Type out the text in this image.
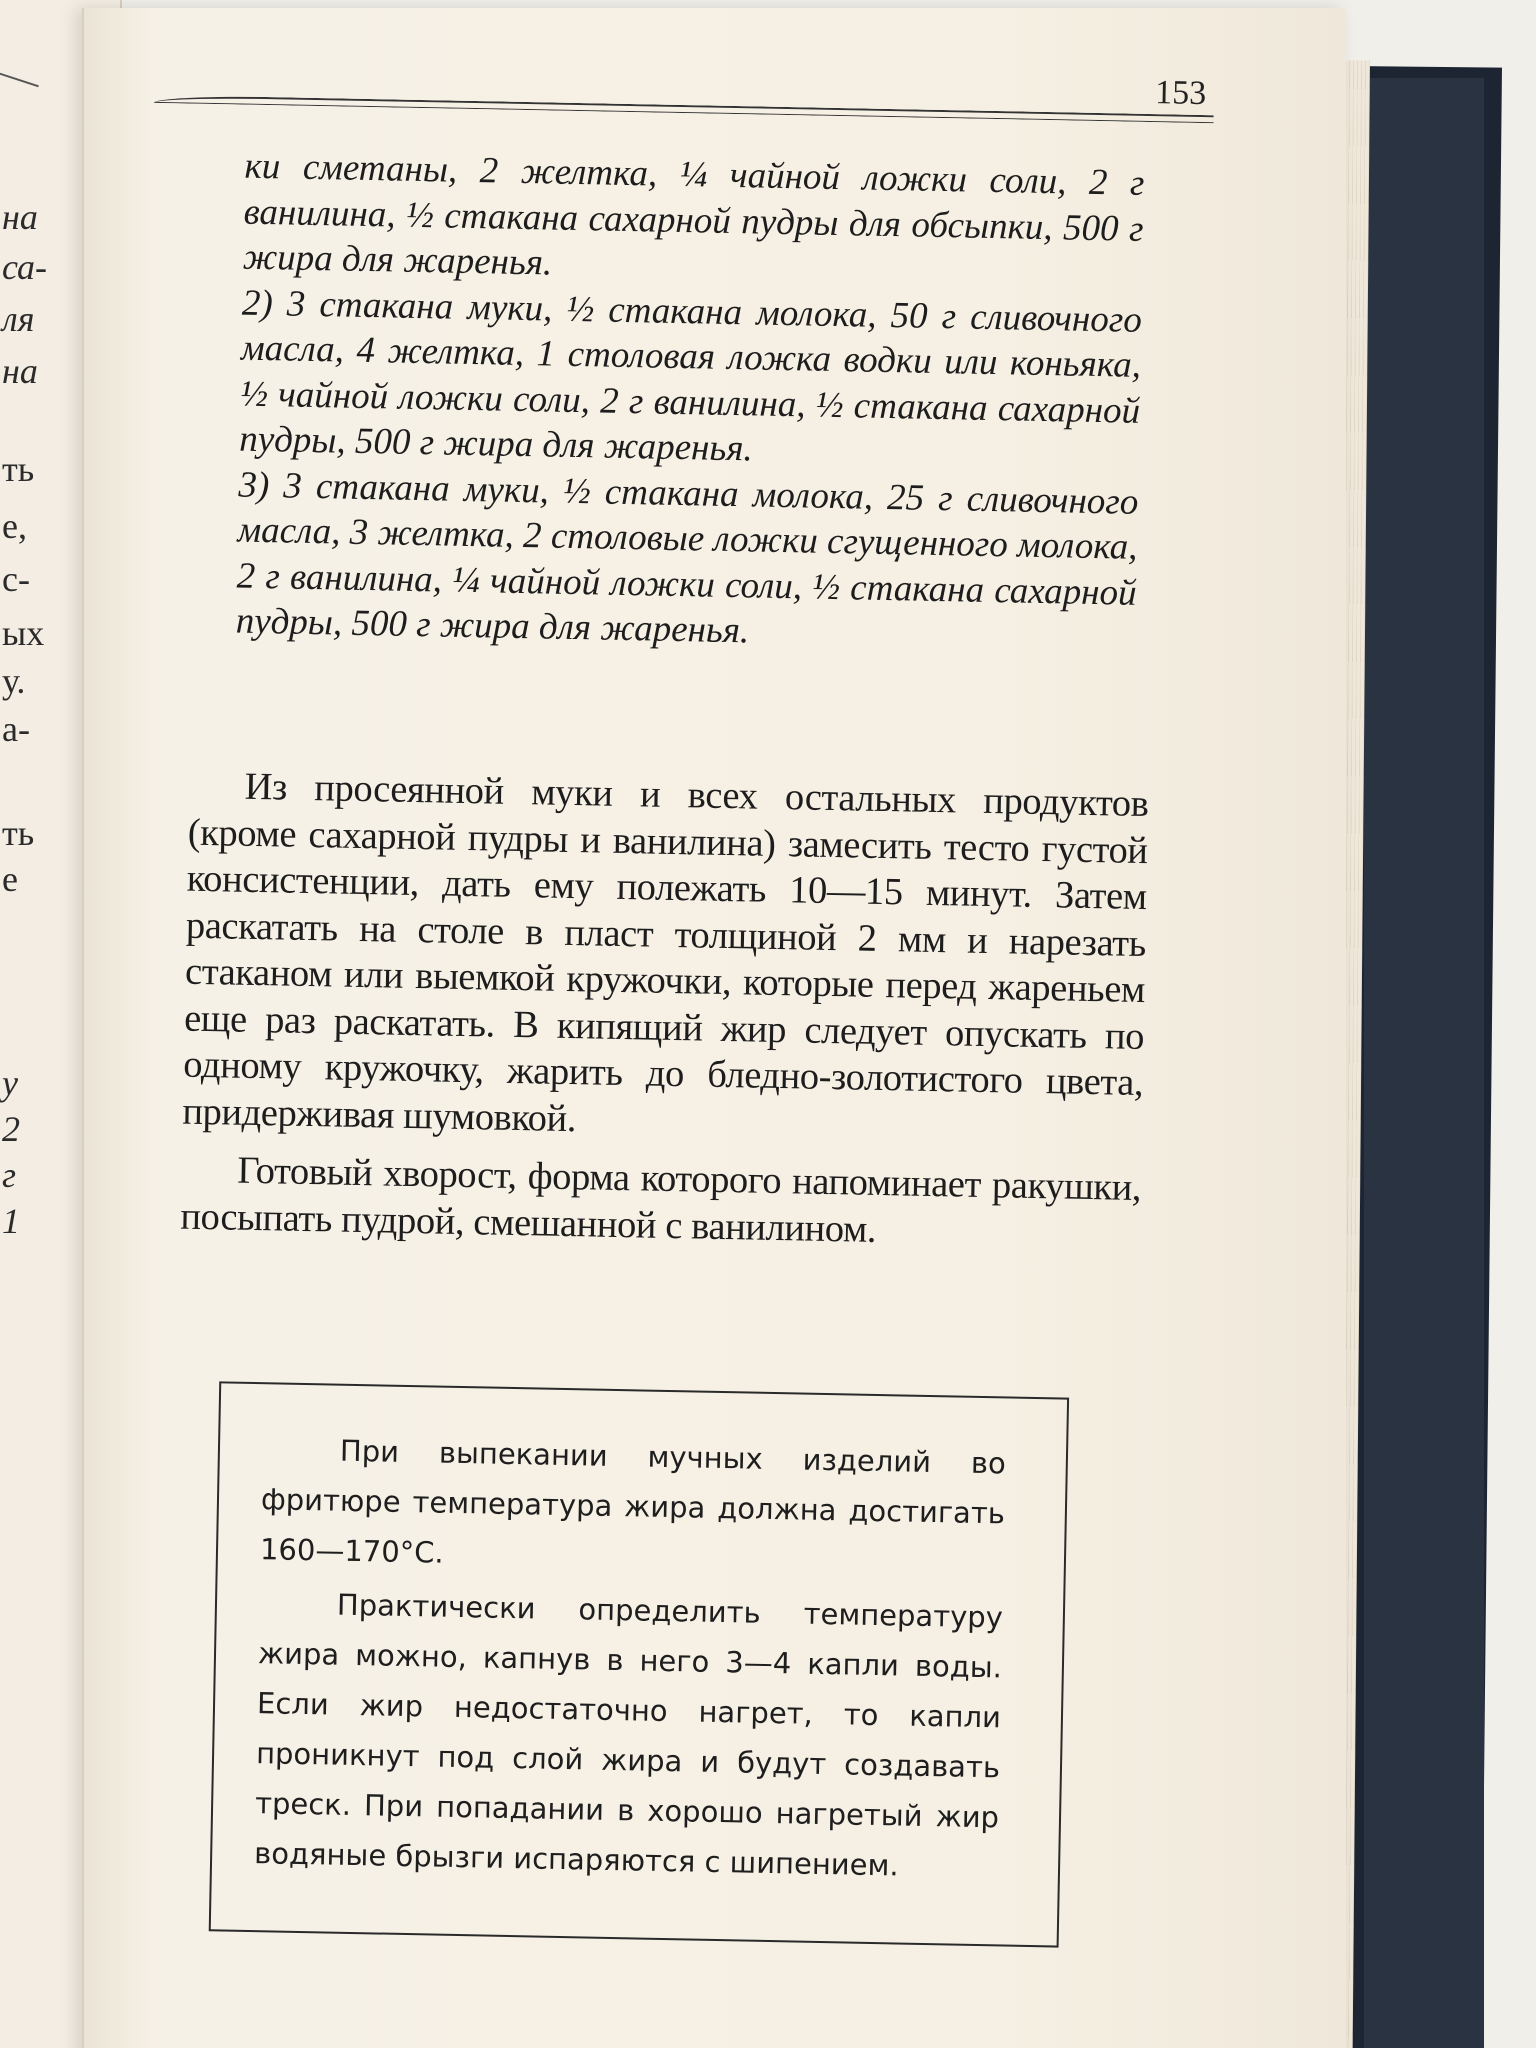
на
са-
ля
на
ть
е,
с-
ых
у.
а-
ть
е
у
2
г
1
153

ки сметаны, 2 желтка, ¼ чайной ложки соли, 2 г ванилина, ½ стакана сахарной пудры для обсыпки, 500 г жира для жаренья.

2) 3 стакана муки, ½ стакана молока, 50 г сливочного масла, 4 желтка, 1 столовая ложка водки или коньяка, ½ чайной ложки соли, 2 г ванилина, ½ стакана сахарной пудры, 500 г жира для жаренья.

3) 3 стакана муки, ½ стакана молока, 25 г сливочного масла, 3 желтка, 2 столовые ложки сгущенного молока, 2 г ванилина, ¼ чайной ложки соли, ½ стакана сахарной пудры, 500 г жира для жаренья.

Из просеянной муки и всех остальных продуктов (кроме сахарной пудры и ванилина) замесить тесто густой консистенции, дать ему полежать 10—15 минут. Затем раскатать на столе в пласт толщиной 2 мм и нарезать стаканом или выемкой кружочки, которые перед жареньем еще раз раскатать. В кипящий жир следует опускать по одному кружочку, жарить до бледно-золотистого цвета, придерживая шумовкой.

Готовый хворост, форма которого напоминает ракушки, посыпать пудрой, смешанной с ванилином.

При выпекании мучных изделий во фритюре температура жира должна достигать 160—170°С.

Практически определить температуру жира можно, капнув в него 3—4 капли воды. Если жир недостаточно нагрет, то капли проникнут под слой жира и будут создавать треск. При попадании в хорошо нагретый жир водяные брызги испаряются с шипением.
